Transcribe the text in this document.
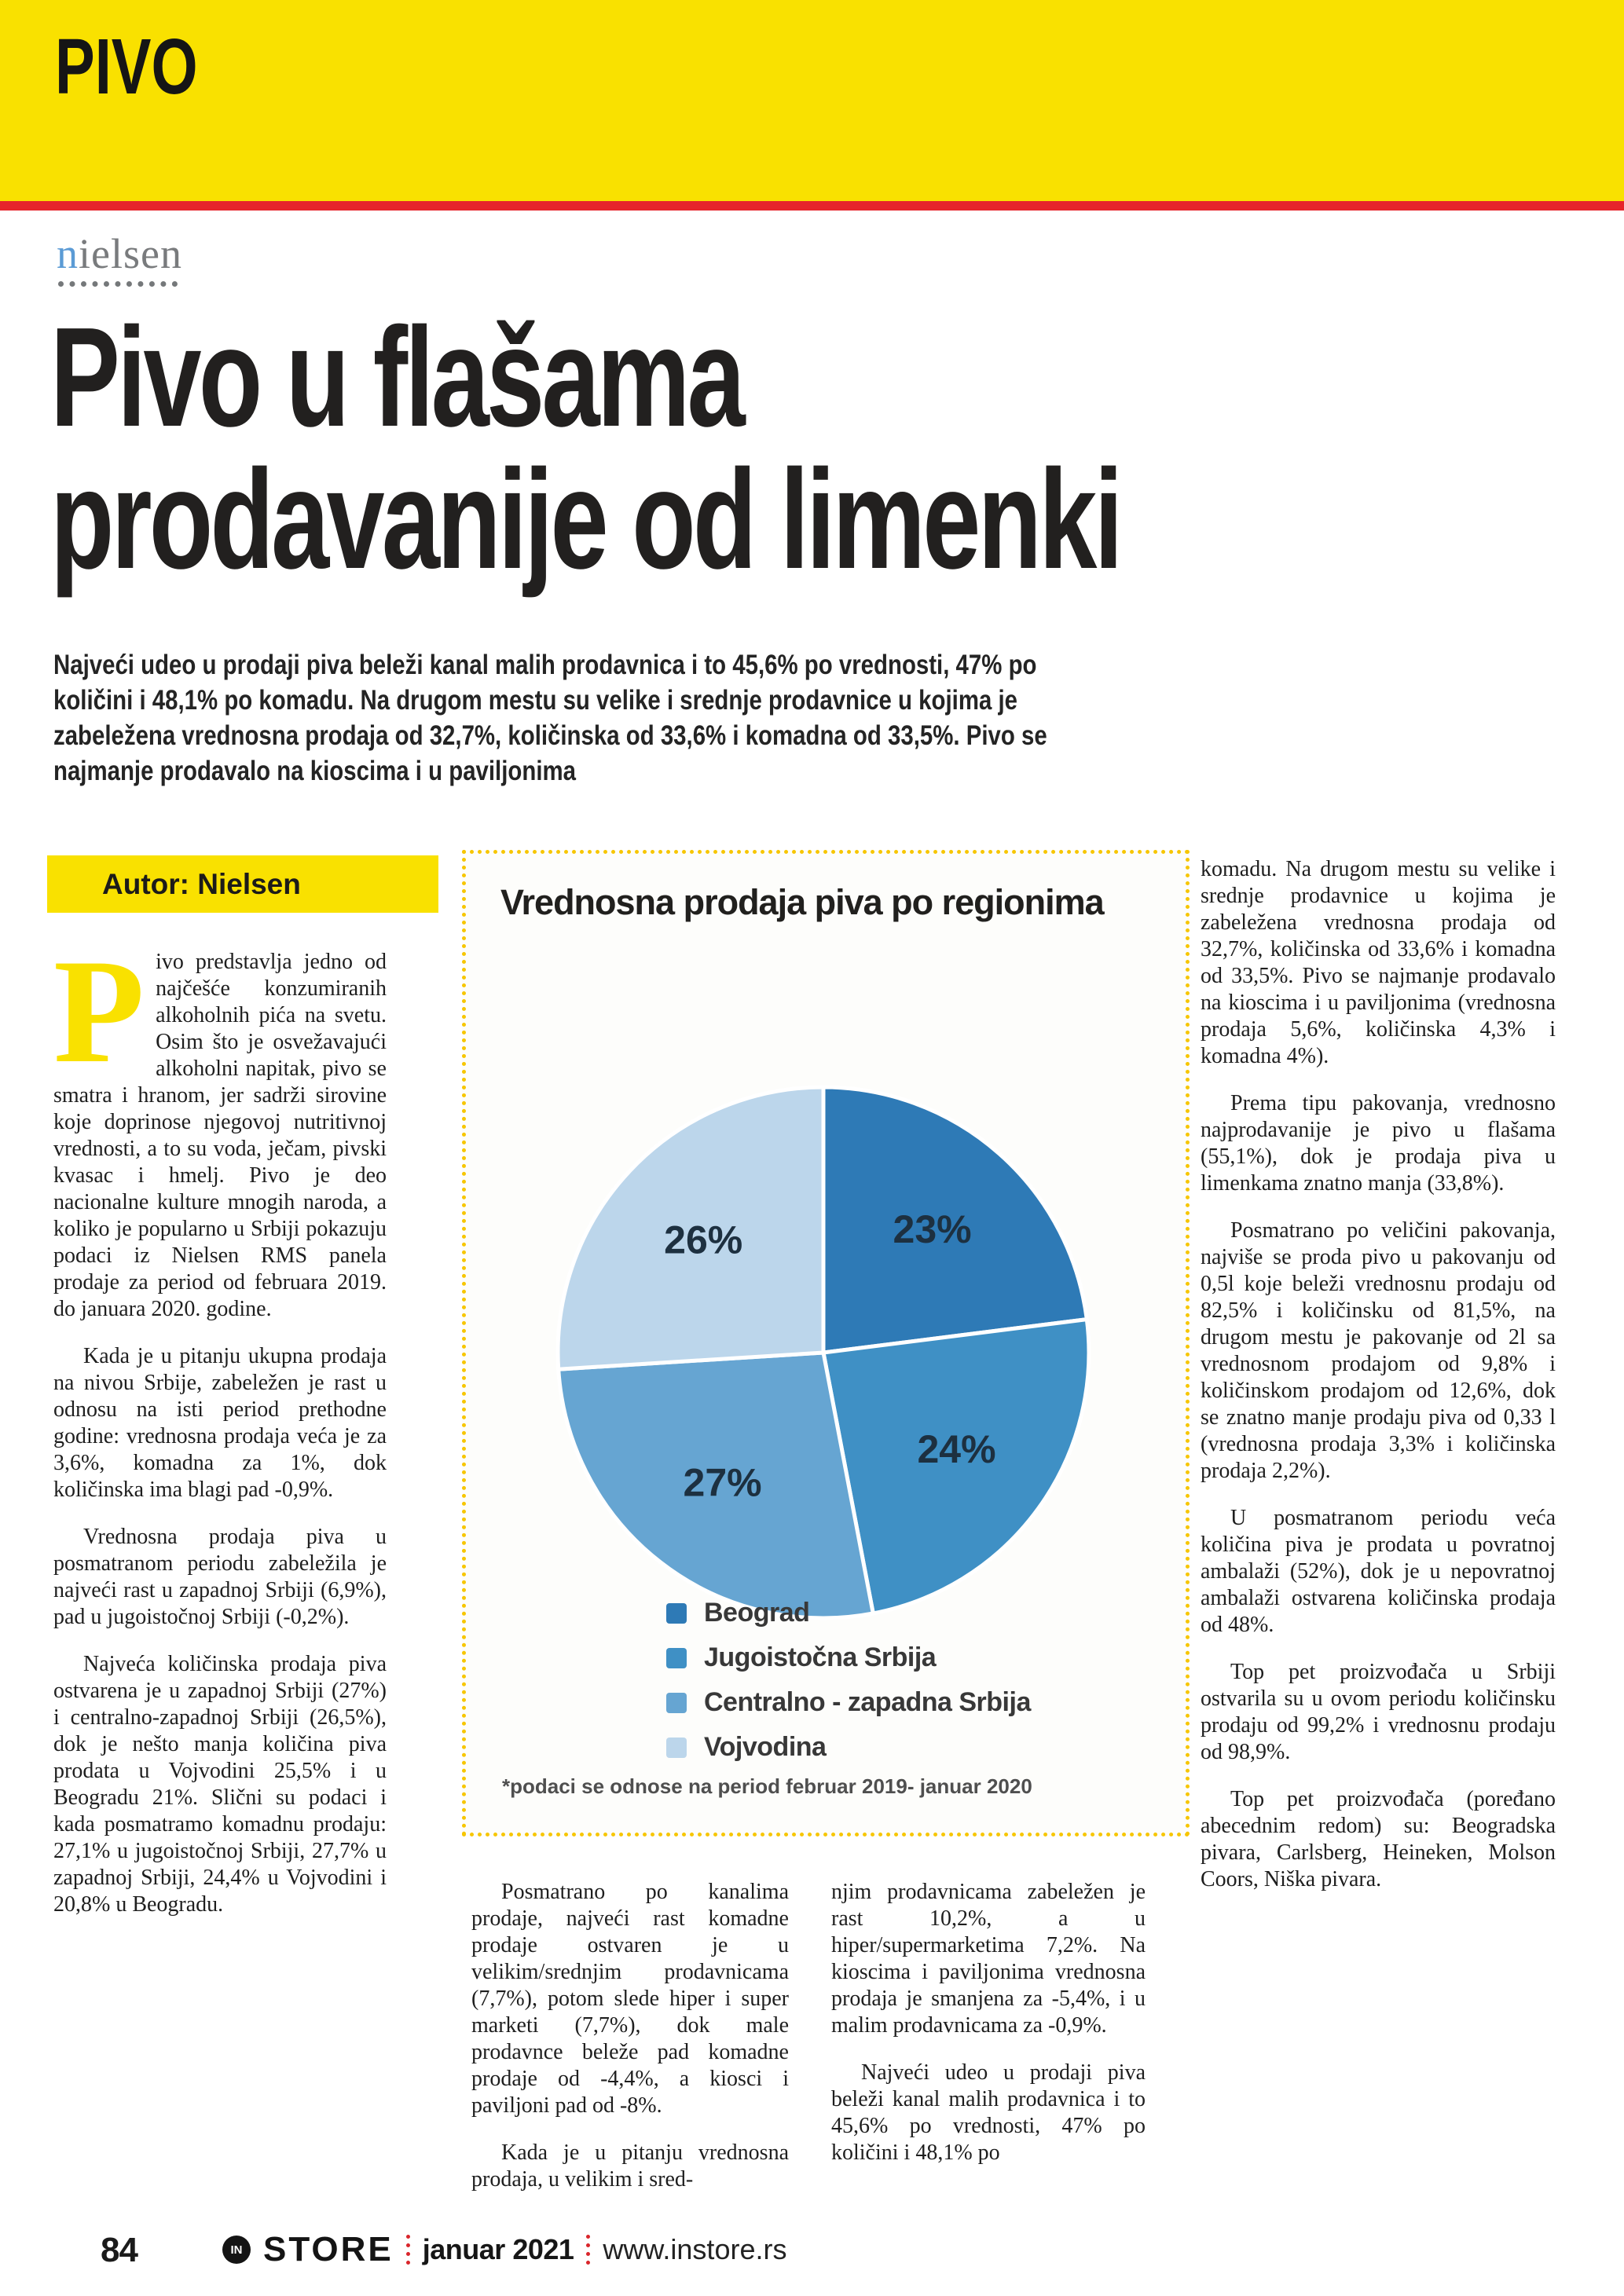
PIVO
nielsen
Pivo u flašama
prodavanije od limenki
Najveći udeo u prodaji piva beleži kanal malih prodavnica i to 45,6% po vrednosti, 47% po količini i 48,1% po komadu. Na drugom mestu su velike i srednje prodavnice u kojima je zabeležena vrednosna prodaja od 32,7%, količinska od 33,6% i komadna od 33,5%. Pivo se najmanje prodavalo na kioscima i u paviljonima
Autor: Nielsen

Pivo predstavlja jedno od najčešće konzumiranih alkoholnih pića na svetu. Osim što je osvežavajući alkoholni napitak, pivo se smatra i hranom, jer sadrži sirovine koje doprinose njegovoj nutritivnoj vrednosti, a to su voda, ječam, pivski kvasac i hmelj. Pivo je deo nacionalne kulture mnogih naroda, a koliko je popularno u Srbiji pokazuju podaci iz Nielsen RMS panela prodaje za period od februara 2019. do januara 2020. godine.

Kada je u pitanju ukupna prodaja na nivou Srbije, zabeležen je rast u odnosu na isti period prethodne godine: vrednosna prodaja veća je za 3,6%, komadna za 1%, dok količinska ima blagi pad -0,9%.

Vrednosna prodaja piva u posmatranom periodu zabeležila je najveći rast u zapadnoj Srbiji (6,9%), pad u jugoistočnoj Srbiji (-0,2%).

Najveća količinska prodaja piva ostvarena je u zapadnoj Srbiji (27%) i centralno-zapadnoj Srbiji (26,5%), dok je nešto manja količina piva prodata u Vojvodini 25,5% i u Beogradu 21%. Slični su podaci i kada posmatramo komadnu prodaju: 27,1% u jugoistočnoj Srbiji, 27,7% u zapadnoj Srbiji, 24,4% u Vojvodini i 20,8% u Beogradu.

Vrednosna prodaja piva po regionima
23%
24%
27%
26%
Beograd
Jugoistočna Srbija
Centralno - zapadna Srbija
Vojvodina
*podaci se odnose na period februar 2019- januar 2020

Posmatrano po kanalima prodaje, najveći rast komadne prodaje ostvaren je u velikim/srednjim prodavnicama (7,7%), potom slede hiper i super marketi (7,7%), dok male prodavnce beleže pad komadne prodaje od -4,4%, a kiosci i paviljoni pad od -8%.

Kada je u pitanju vrednosna prodaja, u velikim i sred-

njim prodavnicama zabeležen je rast 10,2%, a u hiper/supermarketima 7,2%. Na kioscima i paviljonima vrednosna prodaja je smanjena za -5,4%, i u malim prodavnicama za -0,9%.

Najveći udeo u prodaji piva beleži kanal malih prodavnica i to 45,6% po vrednosti, 47% po količini i 48,1% po

komadu. Na drugom mestu su velike i srednje prodavnice u kojima je zabeležena vrednosna prodaja od 32,7%, količinska od 33,6% i komadna od 33,5%. Pivo se najmanje prodavalo na kioscima i u paviljonima (vrednosna prodaja 5,6%, količinska 4,3% i komadna 4%).

Prema tipu pakovanja, vrednosno najprodavanije je pivo u flašama (55,1%), dok je prodaja piva u limenkama znatno manja (33,8%).

Posmatrano po veličini pakovanja, najviše se proda pivo u pakovanju od 0,5l koje beleži vrednosnu prodaju od 82,5% i količinsku od 81,5%, na drugom mestu je pakovanje od 2l sa vrednosnom prodajom od 9,8% i količinskom prodajom od 12,6%, dok se znatno manje prodaju piva od 0,33 l (vrednosna prodaja 3,3% i količinska prodaja 2,2%).

U posmatranom periodu veća količina piva je prodata u povratnoj ambalaži (52%), dok je u nepovratnoj ambalaži ostvarena količinska prodaja od 48%.

Top pet proizvođača u Srbiji ostvarila su u ovom periodu količinsku prodaju od 99,2% i vrednosnu prodaju od 98,9%.

Top pet proizvođača (poređano abecednim redom) su: Beogradska pivara, Carlsberg, Heineken, Molson Coors, Niška pivara.

84	IN STORE januar 2021 www.instore.rs
